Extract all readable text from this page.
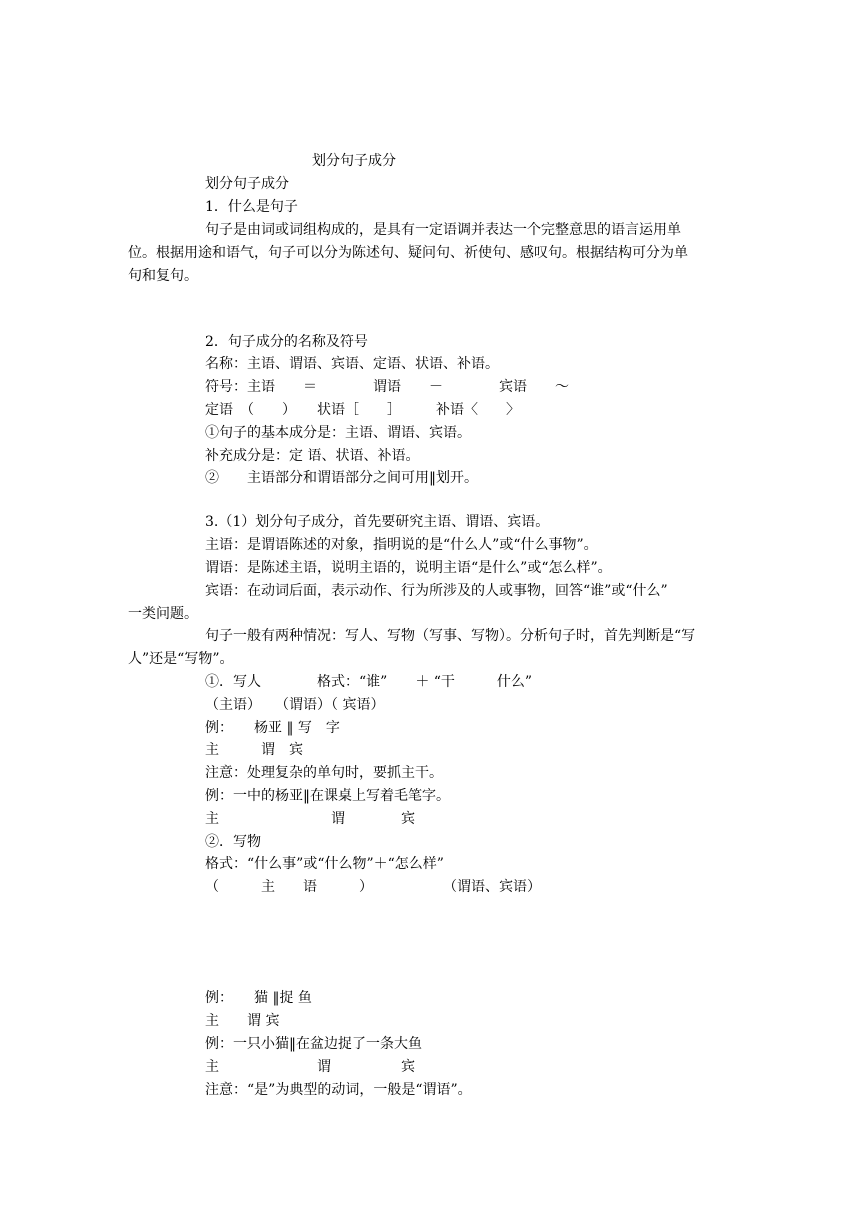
划分句子成分
划分句子成分
1．什么是句子
句子是由词或词组构成的，是具有一定语调并表达一个完整意思的语言运用单
位。根据用途和语气，句子可以分为陈述句、疑问句、祈使句、感叹句。根据结构可分为单
句和复句。
2．句子成分的名称及符号
名称：主语、谓语、宾语、定语、状语、补语。
符号：主语　　＝　　　　谓语　　－　　　　宾语　　～
定语　（　　）　　状语［　　］　　　补语〈　　〉
①句子的基本成分是：主语、谓语、宾语。
补充成分是：定 语、状语、补语。
②　　主语部分和谓语部分之间可用‖划开。
3.（1）划分句子成分，首先要研究主语、谓语、宾语。
主语：是谓语陈述的对象，指明说的是“什么人”或“什么事物”。
谓语：是陈述主语，说明主语的，说明主语“是什么”或“怎么样”。
宾语：在动词后面，表示动作、行为所涉及的人或事物，回答“谁”或“什么”
一类问题。
句子一般有两种情况：写人、写物（写事、写物）。分析句子时，首先判断是“写
人”还是“写物”。
①．写人　　　　格式：“谁”　　＋ “干　　　什么”
（主语）　　（谓语）（ 宾语）
例：　　杨亚 ‖ 写　字
主　　　谓　宾
注意：处理复杂的单句时，要抓主干。
例：一中的杨亚‖在课桌上写着毛笔字。
主　　　　　　　　谓　　　　宾
②．写物
格式：“什么事”或“什么物”＋“怎么样”
（　　　主　　语　　　）　　　　　　（谓语、宾语）
例：　　猫 ‖捉 鱼
主　　谓 宾
例：一只小猫‖在盆边捉了一条大鱼
主　　　　　　　谓　　　　　宾
注意：“是”为典型的动词，一般是“谓语”。
